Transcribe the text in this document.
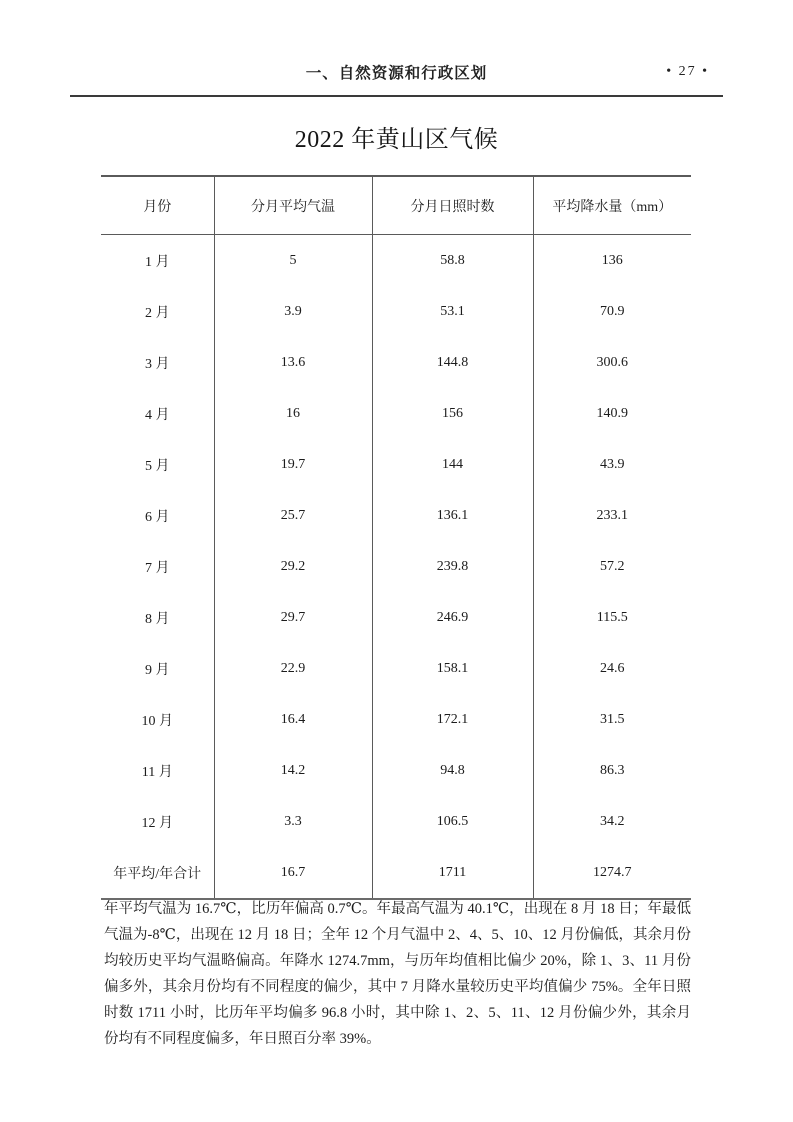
一、自然资源和行政区划	• 27 •
2022 年黄山区气候
月份	分月平均气温	分月日照时数	平均降水量（mm）
1 月	5	58.8	136
2 月	3.9	53.1	70.9
3 月	13.6	144.8	300.6
4 月	16	156	140.9
5 月	19.7	144	43.9
6 月	25.7	136.1	233.1
7 月	29.2	239.8	57.2
8 月	29.7	246.9	115.5
9 月	22.9	158.1	24.6
10 月	16.4	172.1	31.5
11 月	14.2	94.8	86.3
12 月	3.3	106.5	34.2
年平均/年合计	16.7	1711	1274.7

年平均气温为 16.7℃，比历年偏高 0.7℃。年最高气温为 40.1℃，出现在 8 月 18 日；年最低气温为-8℃，出现在 12 月 18 日；全年 12 个月气温中 2、4、5、10、12 月份偏低，其余月份均较历史平均气温略偏高。年降水 1274.7mm，与历年均值相比偏少 20%，除 1、3、11 月份偏多外，其余月份均有不同程度的偏少，其中 7 月降水量较历史平均值偏少 75%。全年日照时数 1711 小时，比历年平均偏多 96.8 小时，其中除 1、2、5、11、12 月份偏少外，其余月份均有不同程度偏多，年日照百分率 39%。
